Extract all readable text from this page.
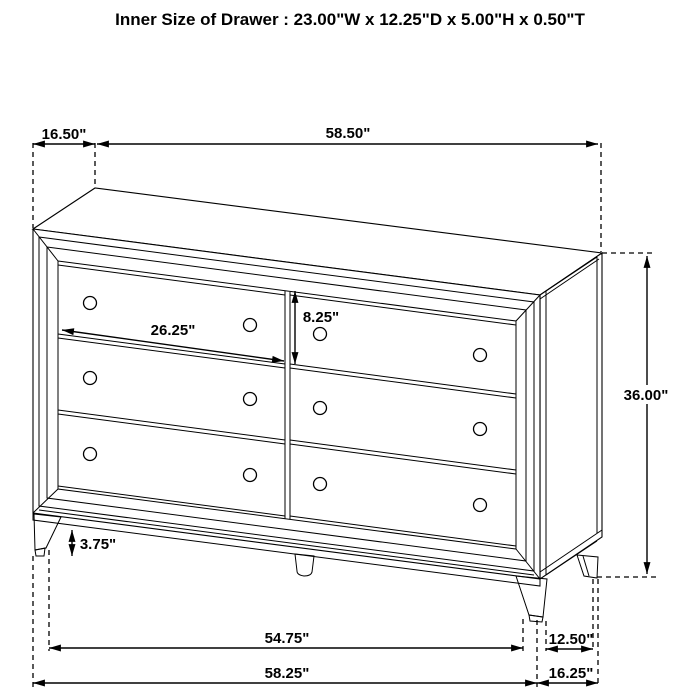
Inner Size of Drawer : 23.00"W x 12.25"D x 5.00"H x 0.50"T
16.50"	58.50"
36.00"
26.25"
8.25"
3.75"
54.75"	12.50"
58.25"	16.25"
